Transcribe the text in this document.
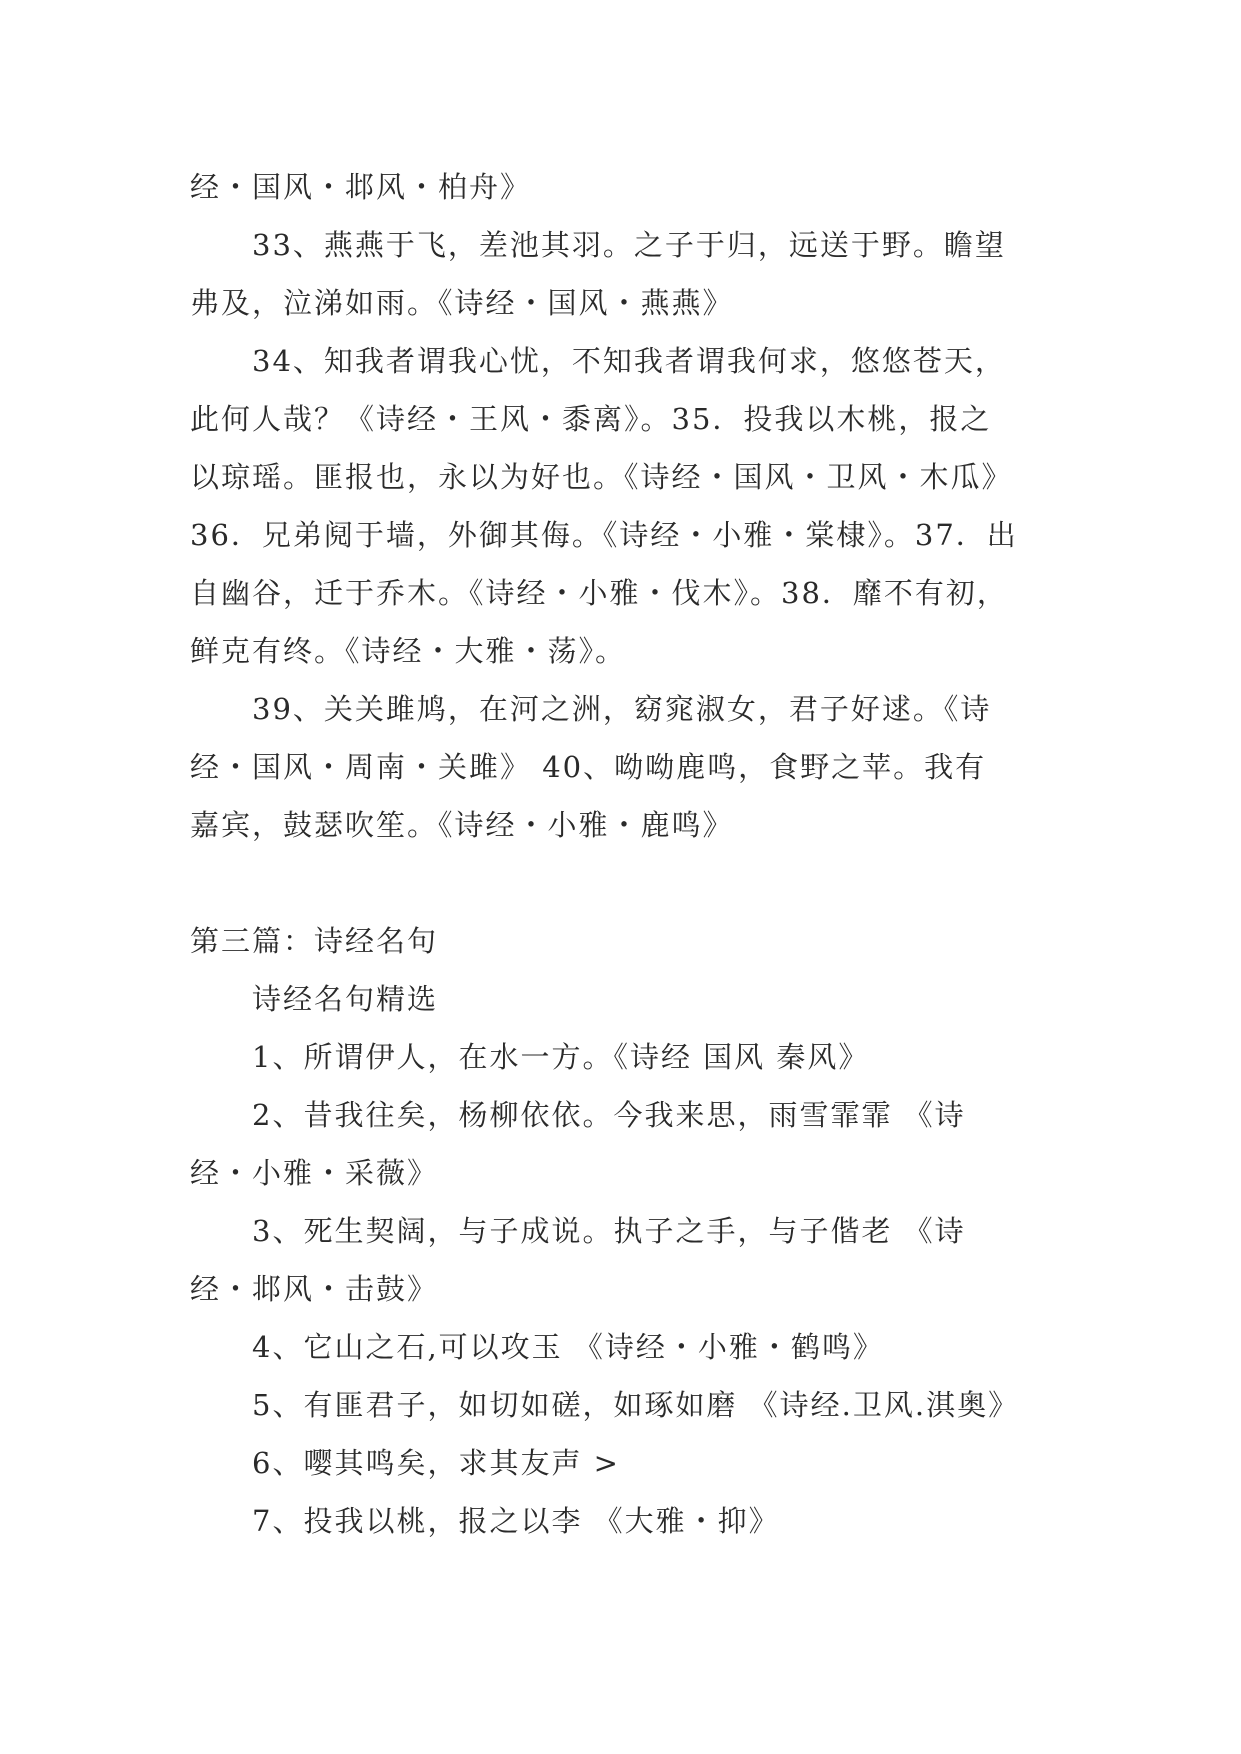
经・国风・邶风・柏舟》
33、燕燕于飞，差池其羽。之子于归，远送于野。瞻望
弗及，泣涕如雨。《诗经・国风・燕燕》
34、知我者谓我心忧，不知我者谓我何求，悠悠苍天，
此何人哉？《诗经・王风・黍离》。35．投我以木桃，报之
以琼瑶。匪报也，永以为好也。《诗经・国风・卫风・木瓜》
36．兄弟阋于墙，外御其侮。《诗经・小雅・棠棣》。37．出
自幽谷，迁于乔木。《诗经・小雅・伐木》。38．靡不有初，
鲜克有终。《诗经・大雅・荡》。
39、关关雎鸠，在河之洲，窈窕淑女，君子好逑。《诗
经・国风・周南・关雎》 40、呦呦鹿鸣，食野之苹。我有
嘉宾，鼓瑟吹笙。《诗经・小雅・鹿鸣》
第三篇：诗经名句
诗经名句精选
1、所谓伊人，在水一方。《诗经 国风 秦风》
2、昔我往矣，杨柳依依。今我来思，雨雪霏霏 《诗
经・小雅・采薇》
3、死生契阔，与子成说。执子之手，与子偕老 《诗
经・邶风・击鼓》
4、它山之石,可以攻玉 《诗经・小雅・鹤鸣》
5、有匪君子，如切如磋，如琢如磨 《诗经.卫风.淇奥》
6、嘤其鸣矣，求其友声 >
7、投我以桃，报之以李 《大雅・抑》
